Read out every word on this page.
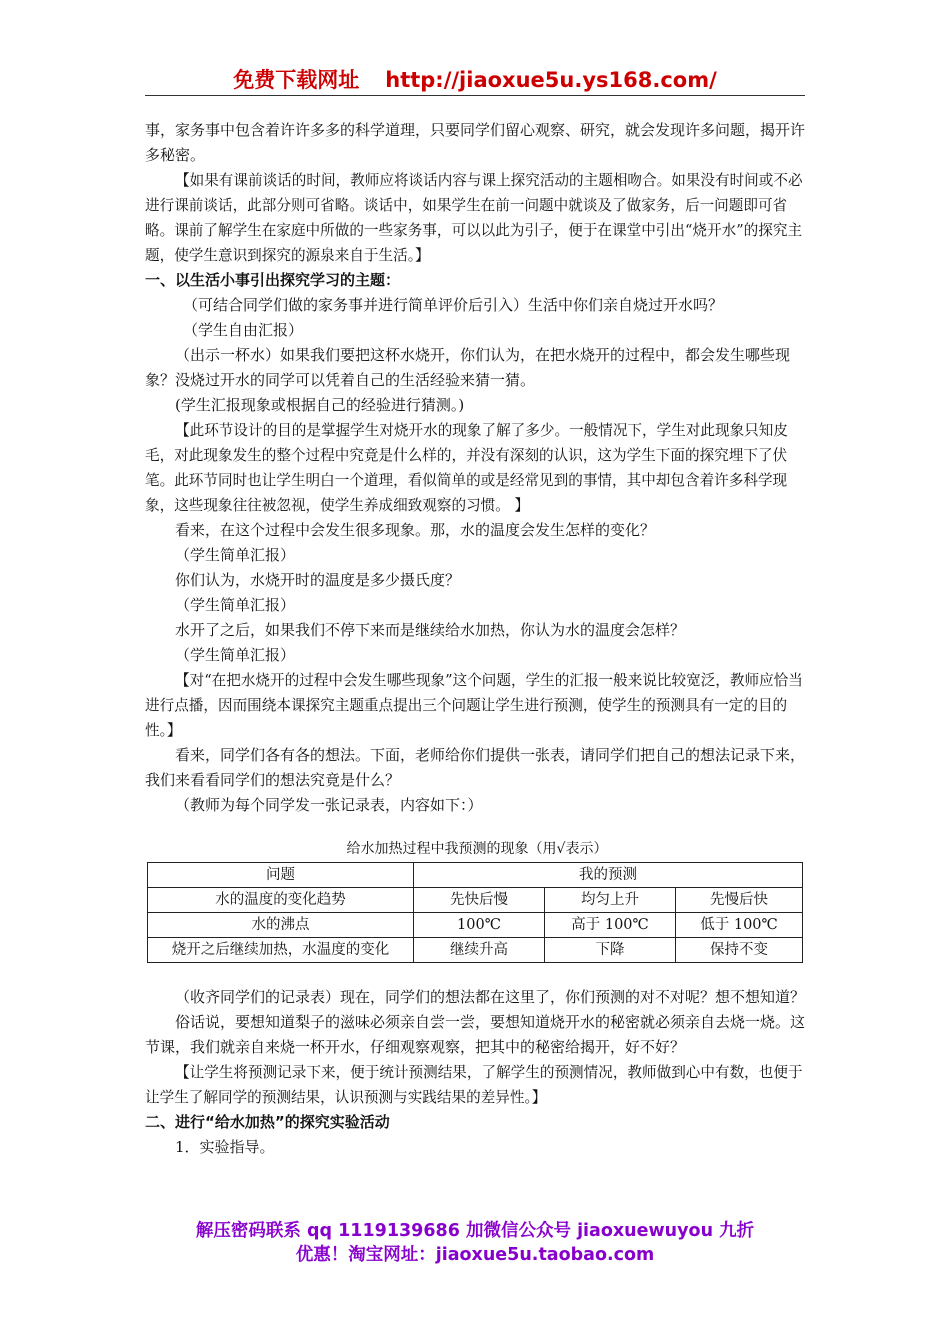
免费下载网址 http://jiaoxue5u.ys168.com/

事，家务事中包含着许许多多的科学道理，只要同学们留心观察、研究，就会发现许多问题，揭开许多秘密。

【如果有课前谈话的时间，教师应将谈话内容与课上探究活动的主题相吻合。如果没有时间或不必进行课前谈话，此部分则可省略。谈话中，如果学生在前一问题中就谈及了做家务，后一问题即可省略。课前了解学生在家庭中所做的一些家务事，可以以此为引子，便于在课堂中引出“烧开水”的探究主题，使学生意识到探究的源泉来自于生活。】

一、以生活小事引出探究学习的主题：

（可结合同学们做的家务事并进行简单评价后引入）生活中你们亲自烧过开水吗？

（学生自由汇报）

（出示一杯水）如果我们要把这杯水烧开，你们认为，在把水烧开的过程中，都会发生哪些现象？没烧过开水的同学可以凭着自己的生活经验来猜一猜。

(学生汇报现象或根据自己的经验进行猜测。)

【此环节设计的目的是掌握学生对烧开水的现象了解了多少。一般情况下，学生对此现象只知皮毛，对此现象发生的整个过程中究竟是什么样的，并没有深刻的认识，这为学生下面的探究埋下了伏笔。此环节同时也让学生明白一个道理，看似简单的或是经常见到的事情，其中却包含着许多科学现象，这些现象往往被忽视，使学生养成细致观察的习惯。 】

看来，在这个过程中会发生很多现象。那，水的温度会发生怎样的变化？

（学生简单汇报）

你们认为，水烧开时的温度是多少摄氏度？

（学生简单汇报）

水开了之后，如果我们不停下来而是继续给水加热，你认为水的温度会怎样？

（学生简单汇报）

【对“在把水烧开的过程中会发生哪些现象”这个问题，学生的汇报一般来说比较宽泛，教师应恰当进行点播，因而围绕本课探究主题重点提出三个问题让学生进行预测，使学生的预测具有一定的目的性。】

看来，同学们各有各的想法。下面，老师给你们提供一张表，请同学们把自己的想法记录下来，我们来看看同学们的想法究竟是什么？

（教师为每个同学发一张记录表，内容如下：）

给水加热过程中我预测的现象（用√表示）
问题	我的预测		
水的温度的变化趋势	先快后慢	均匀上升	先慢后快
水的沸点	100℃	高于 100℃	低于 100℃
烧开之后继续加热，水温度的变化	继续升高	下降	保持不变

（收齐同学们的记录表）现在，同学们的想法都在这里了，你们预测的对不对呢？想不想知道？

俗话说，要想知道梨子的滋味必须亲自尝一尝，要想知道烧开水的秘密就必须亲自去烧一烧。这节课，我们就亲自来烧一杯开水，仔细观察观察，把其中的秘密给揭开，好不好？

【让学生将预测记录下来，便于统计预测结果，了解学生的预测情况，教师做到心中有数，也便于让学生了解同学的预测结果，认识预测与实践结果的差异性。】

二、进行“给水加热”的探究实验活动

1．实验指导。

解压密码联系 qq 1119139686 加微信公众号 jiaoxuewuyou 九折
优惠！淘宝网址：jiaoxue5u.taobao.com
